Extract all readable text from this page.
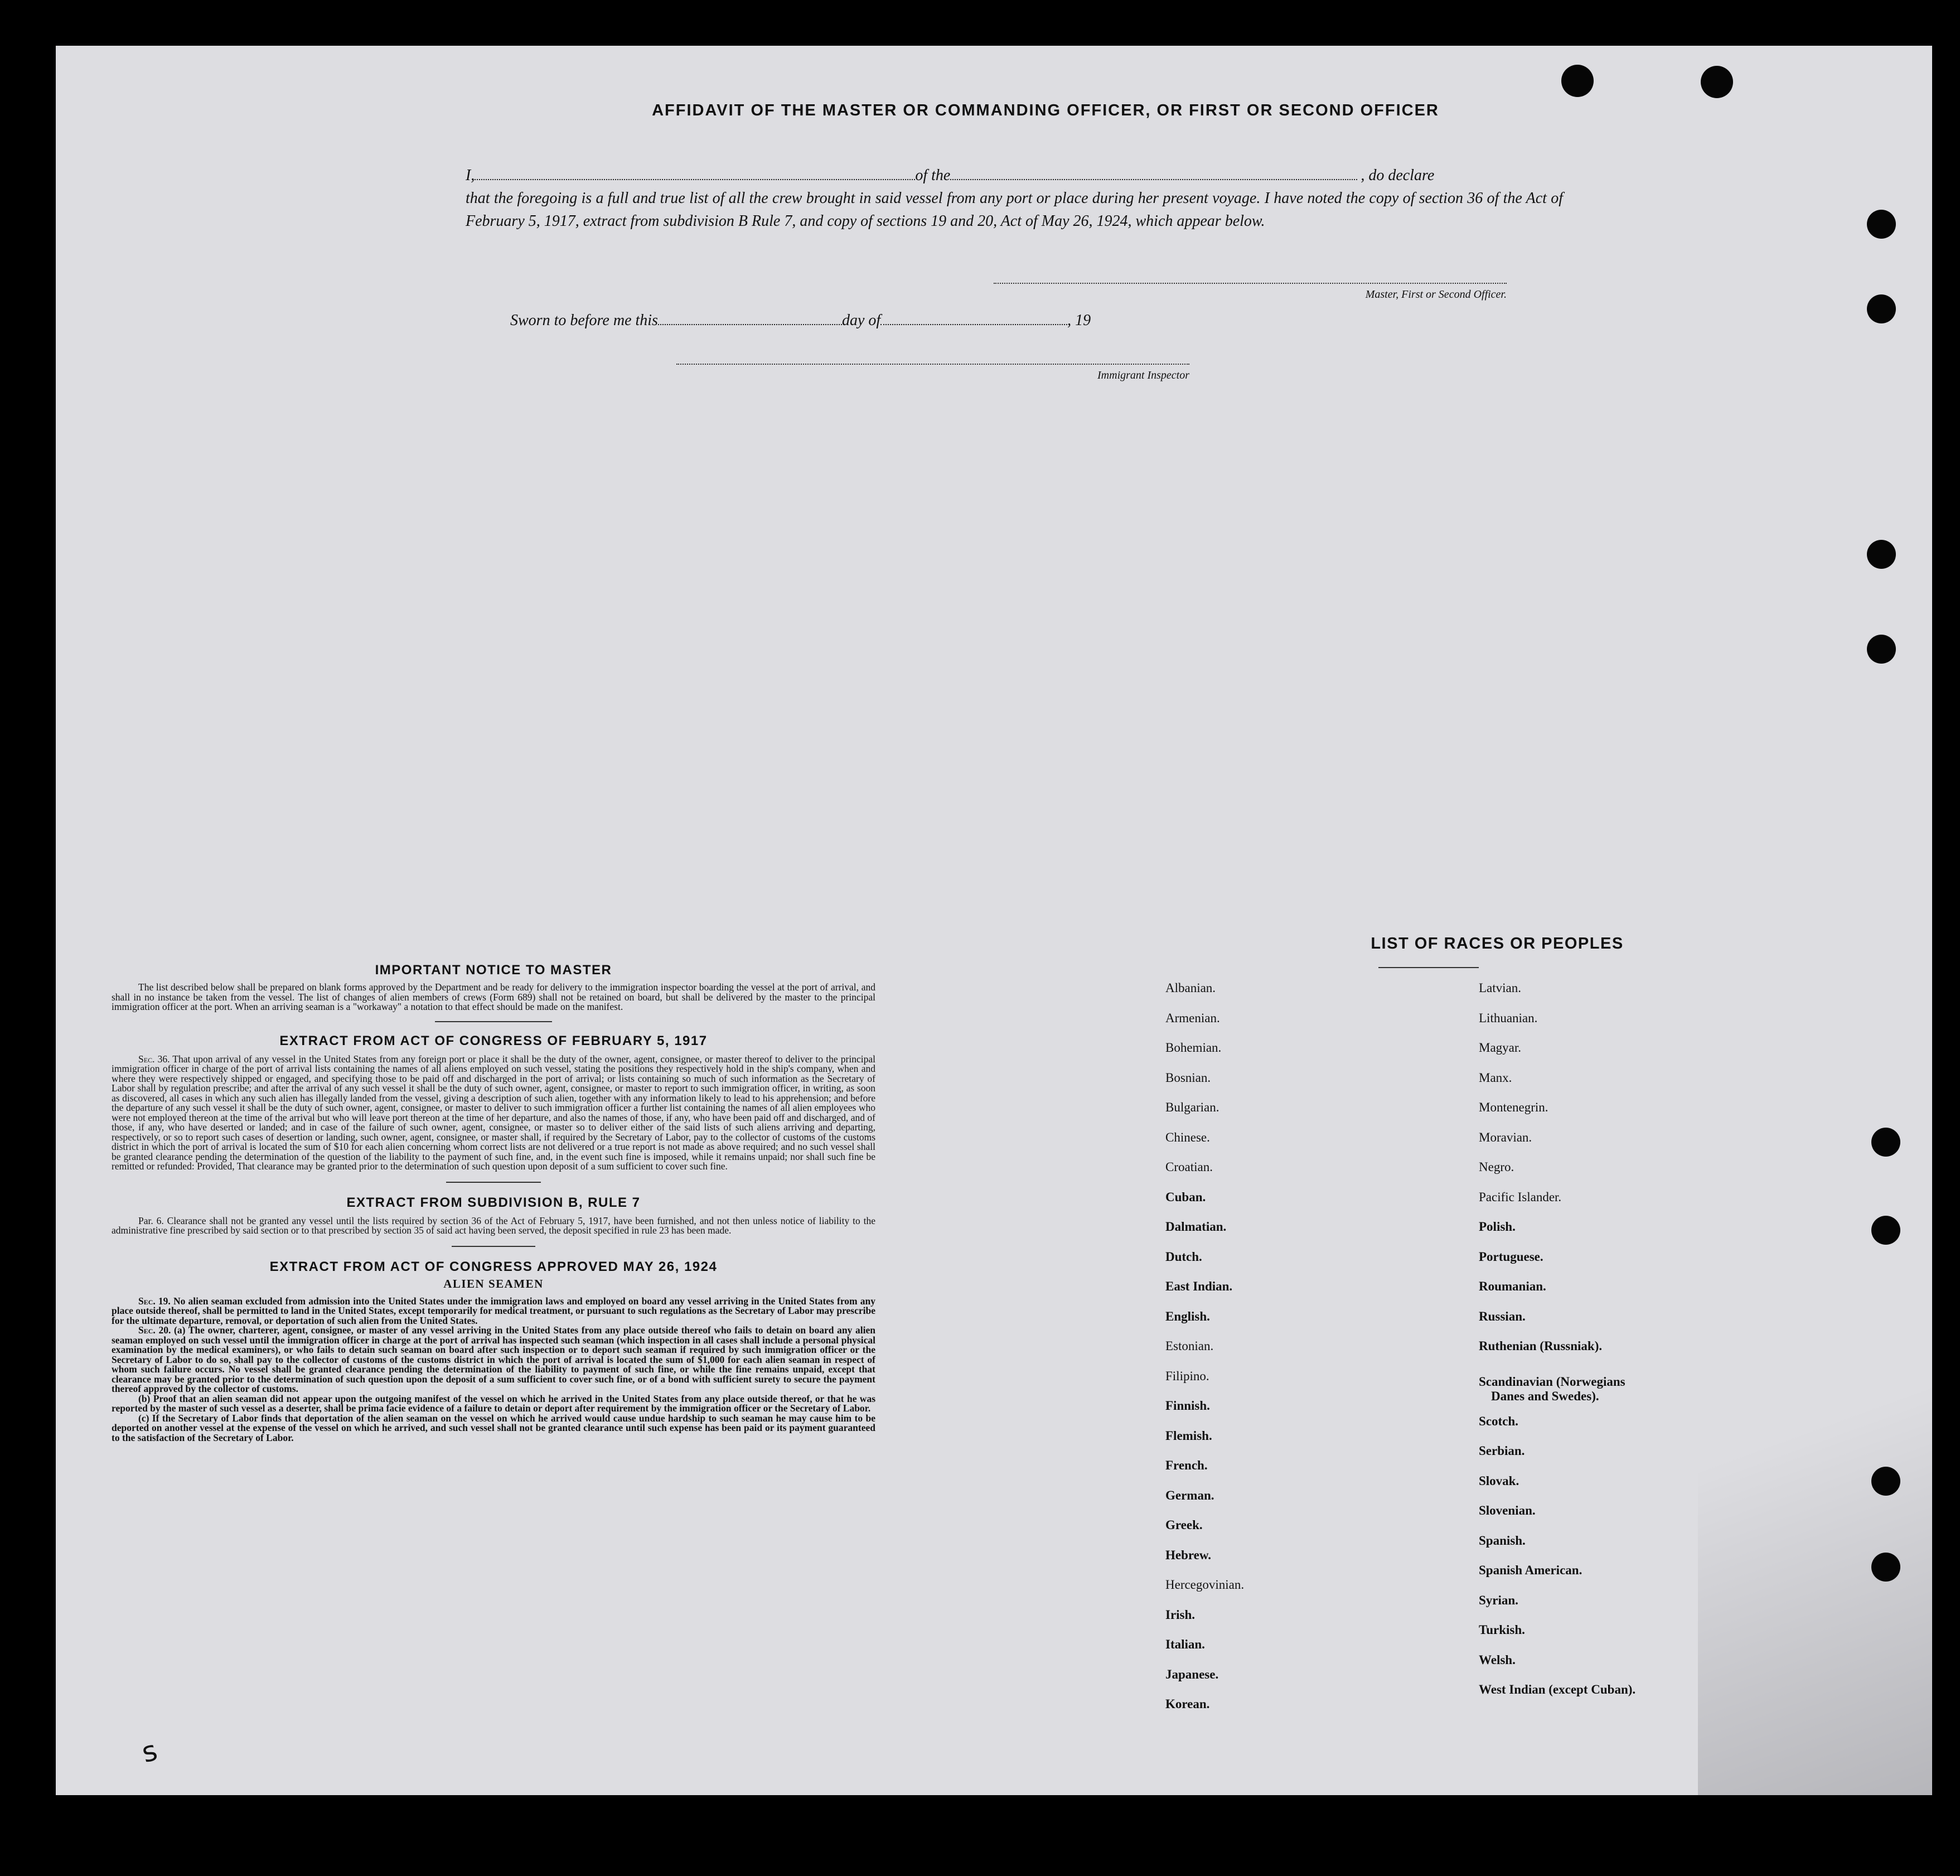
AFFIDAVIT OF THE MASTER OR COMMANDING OFFICER, OR FIRST OR SECOND OFFICER
I,	of the	, do declare
that the foregoing is a full and true list of all the crew brought in said vessel from any port or place during her present voyage. I have noted the copy of section 36 of the Act of February 5, 1917, extract from subdivision B Rule 7, and copy of sections 19 and 20, Act of May 26, 1924, which appear below.
Master, First or Second Officer.
Sworn to before me this	day of	, 19
Immigrant Inspector
IMPORTANT NOTICE TO MASTER
The list described below shall be prepared on blank forms approved by the Department and be ready for delivery to the immigration inspector boarding the vessel at the port of arrival, and shall in no instance be taken from the vessel. The list of changes of alien members of crews (Form 689) shall not be retained on board, but shall be delivered by the master to the principal immigration officer at the port. When an arriving seaman is a "workaway" a notation to that effect should be made on the manifest.
EXTRACT FROM ACT OF CONGRESS OF FEBRUARY 5, 1917
Sec. 36. That upon arrival of any vessel in the United States from any foreign port or place it shall be the duty of the owner, agent, consignee, or master thereof to deliver to the principal immigration officer in charge of the port of arrival lists containing the names of all aliens employed on such vessel, stating the positions they respectively hold in the ship's company, when and where they were respectively shipped or engaged, and specifying those to be paid off and discharged in the port of arrival; or lists containing so much of such information as the Secretary of Labor shall by regulation prescribe; and after the arrival of any such vessel it shall be the duty of such owner, agent, consignee, or master to report to such immigration officer, in writing, as soon as discovered, all cases in which any such alien has illegally landed from the vessel, giving a description of such alien, together with any information likely to lead to his apprehension; and before the departure of any such vessel it shall be the duty of such owner, agent, consignee, or master to deliver to such immigration officer a further list containing the names of all alien employees who were not employed thereon at the time of the arrival but who will leave port thereon at the time of her departure, and also the names of those, if any, who have been paid off and discharged, and of those, if any, who have deserted or landed; and in case of the failure of such owner, agent, consignee, or master so to deliver either of the said lists of such aliens arriving and departing, respectively, or so to report such cases of desertion or landing, such owner, agent, consignee, or master shall, if required by the Secretary of Labor, pay to the collector of customs of the customs district in which the port of arrival is located the sum of $10 for each alien concerning whom correct lists are not delivered or a true report is not made as above required; and no such vessel shall be granted clearance pending the determination of the question of the liability to the payment of such fine, and, in the event such fine is imposed, while it remains unpaid; nor shall such fine be remitted or refunded: Provided, That clearance may be granted prior to the determination of such question upon deposit of a sum sufficient to cover such fine.
EXTRACT FROM SUBDIVISION B, RULE 7
Par. 6. Clearance shall not be granted any vessel until the lists required by section 36 of the Act of February 5, 1917, have been furnished, and not then unless notice of liability to the administrative fine prescribed by said section or to that prescribed by section 35 of said act having been served, the deposit specified in rule 23 has been made.
EXTRACT FROM ACT OF CONGRESS APPROVED MAY 26, 1924
ALIEN SEAMEN
Sec. 19. No alien seaman excluded from admission into the United States under the immigration laws and employed on board any vessel arriving in the United States from any place outside thereof, shall be permitted to land in the United States, except temporarily for medical treatment, or pursuant to such regulations as the Secretary of Labor may prescribe for the ultimate departure, removal, or deportation of such alien from the United States.
Sec. 20. (a) The owner, charterer, agent, consignee, or master of any vessel arriving in the United States from any place outside thereof who fails to detain on board any alien seaman employed on such vessel until the immigration officer in charge at the port of arrival has inspected such seaman (which inspection in all cases shall include a personal physical examination by the medical examiners), or who fails to detain such seaman on board after such inspection or to deport such seaman if required by such immigration officer or the Secretary of Labor to do so, shall pay to the collector of customs of the customs district in which the port of arrival is located the sum of $1,000 for each alien seaman in respect of whom such failure occurs. No vessel shall be granted clearance pending the determination of the liability to payment of such fine, or while the fine remains unpaid, except that clearance may be granted prior to the determination of such question upon the deposit of a sum sufficient to cover such fine, or of a bond with sufficient surety to secure the payment thereof approved by the collector of customs.
(b) Proof that an alien seaman did not appear upon the outgoing manifest of the vessel on which he arrived in the United States from any place outside thereof, or that he was reported by the master of such vessel as a deserter, shall be prima facie evidence of a failure to detain or deport after requirement by the immigration officer or the Secretary of Labor.
(c) If the Secretary of Labor finds that deportation of the alien seaman on the vessel on which he arrived would cause undue hardship to such seaman he may cause him to be deported on another vessel at the expense of the vessel on which he arrived, and such vessel shall not be granted clearance until such expense has been paid or its payment guaranteed to the satisfaction of the Secretary of Labor.
LIST OF RACES OR PEOPLES
Albanian.
Armenian.
Bohemian.
Bosnian.
Bulgarian.
Chinese.
Croatian.
Cuban.
Dalmatian.
Dutch.
East Indian.
English.
Estonian.
Filipino.
Finnish.
Flemish.
French.
German.
Greek.
Hebrew.
Hercegovinian.
Irish.
Italian.
Japanese.
Korean.
Latvian.
Lithuanian.
Magyar.
Manx.
Montenegrin.
Moravian.
Negro.
Pacific Islander.
Polish.
Portuguese.
Roumanian.
Russian.
Ruthenian (Russniak).
Scandinavian (Norwegians
Danes and Swedes).
Scotch.
Serbian.
Slovak.
Slovenian.
Spanish.
Spanish American.
Syrian.
Turkish.
Welsh.
West Indian (except Cuban).
s
